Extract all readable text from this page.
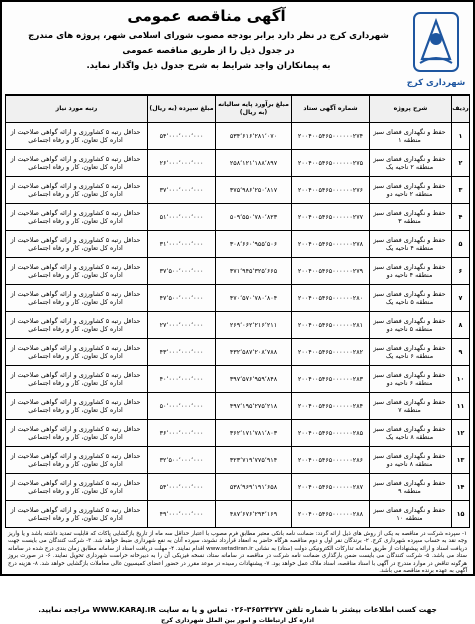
شهرداری کرج
آگهی مناقصه عمومی
شهرداری کرج در نظر دارد برابر بودجه مصوب شورای اسلامی شهر، پروژه های مندرج
در جدول ذیل را از طریق مناقصه عمومی
به پیمانکاران واجد شرایط به شرح جدول ذیل واگذار نماید.
ردیف	شرح پروژه	شماره آگهی ستاد	مبلغ برآورد پایه سالیانه (به ریال)	مبلغ سپرده (به ریال)	رتبه مورد نیاز
۱	حفظ و نگهداری فضای سبز منطقه ۱	۲۰۰۴۰۰۵۴۶۵۰۰۰۰۰۰۲۷۴	۵۳۴٬۶۱۶٬۲۸۱٬۰۷۰	۵۴٬۰۰۰٬۰۰۰٬۰۰۰	حداقل رتبه ۵ کشاورزی و ارائه گواهی صلاحیت از اداره کل تعاون، کار و رفاه اجتماعی
۲	حفظ و نگهداری فضای سبز منطقه ۲ ناحیه یک	۲۰۰۴۰۰۵۴۶۵۰۰۰۰۰۰۲۷۵	۲۵۸٬۱۲۱٬۱۸۸٬۸۹۷	۲۶٬۰۰۰٬۰۰۰٬۰۰۰	حداقل رتبه ۵ کشاورزی و ارائه گواهی صلاحیت از اداره کل تعاون، کار و رفاه اجتماعی
۳	حفظ و نگهداری فضای سبز منطقه ۲ ناحیه دو	۲۰۰۴۰۰۵۴۶۵۰۰۰۰۰۰۲۷۶	۳۷۵٬۹۸۶٬۲۵۰٬۸۱۷	۳۷٬۰۰۰٬۰۰۰٬۰۰۰	حداقل رتبه ۵ کشاورزی و ارائه گواهی صلاحیت از اداره کل تعاون، کار و رفاه اجتماعی
۴	حفظ و نگهداری فضای سبز منطقه ۳	۲۰۰۴۰۰۵۴۶۵۰۰۰۰۰۰۲۷۷	۵۰۹٬۵۵۰٬۷۸۰٬۸۲۳	۵۱٬۰۰۰٬۰۰۰٬۰۰۰	حداقل رتبه ۵ کشاورزی و ارائه گواهی صلاحیت از اداره کل تعاون، کار و رفاه اجتماعی
۵	حفظ و نگهداری فضای سبز منطقه ۴ ناحیه یک	۲۰۰۴۰۰۵۴۶۵۰۰۰۰۰۰۲۷۸	۳۰۸٬۶۶۰٬۹۵۵٬۵۰۶	۳۱٬۰۰۰٬۰۰۰٬۰۰۰	حداقل رتبه ۵ کشاورزی و ارائه گواهی صلاحیت از اداره کل تعاون، کار و رفاه اجتماعی
۶	حفظ و نگهداری فضای سبز منطقه ۴ ناحیه دو	۲۰۰۴۰۰۵۴۶۵۰۰۰۰۰۰۲۷۹	۳۷۱٬۹۴۵٬۳۲۵٬۶۶۵	۳۷٬۵۰۰٬۰۰۰٬۰۰۰	حداقل رتبه ۵ کشاورزی و ارائه گواهی صلاحیت از اداره کل تعاون، کار و رفاه اجتماعی
۷	حفظ و نگهداری فضای سبز منطقه ۵ ناحیه یک	۲۰۰۴۰۰۵۴۶۵۰۰۰۰۰۰۲۸۰	۴۷۰٬۵۷۰٬۷۸۰٬۸۰۴	۴۷٬۵۰۰٬۰۰۰٬۰۰۰	حداقل رتبه ۵ کشاورزی و ارائه گواهی صلاحیت از اداره کل تعاون، کار و رفاه اجتماعی
۸	حفظ و نگهداری فضای سبز منطقه ۵ ناحیه دو	۲۰۰۴۰۰۵۴۶۵۰۰۰۰۰۰۲۸۱	۲۶۹٬۰۶۲٬۲۱۶٬۲۱۱	۲۷٬۰۰۰٬۰۰۰٬۰۰۰	حداقل رتبه ۵ کشاورزی و ارائه گواهی صلاحیت از اداره کل تعاون، کار و رفاه اجتماعی
۹	حفظ و نگهداری فضای سبز منطقه ۶ ناحیه یک	۲۰۰۴۰۰۵۴۶۵۰۰۰۰۰۰۲۸۲	۴۳۲٬۵۸۷٬۲۰۸٬۷۸۸	۴۳٬۰۰۰٬۰۰۰٬۰۰۰	حداقل رتبه ۵ کشاورزی و ارائه گواهی صلاحیت از اداره کل تعاون، کار و رفاه اجتماعی
۱۰	حفظ و نگهداری فضای سبز منطقه ۶ ناحیه دو	۲۰۰۴۰۰۵۴۶۵۰۰۰۰۰۰۲۸۳	۳۹۷٬۵۷۶٬۹۵۹٬۸۴۸	۴۰٬۰۰۰٬۰۰۰٬۰۰۰	حداقل رتبه ۵ کشاورزی و ارائه گواهی صلاحیت از اداره کل تعاون، کار و رفاه اجتماعی
۱۱	حفظ و نگهداری فضای سبز منطقه ۷	۲۰۰۴۰۰۵۴۶۵۰۰۰۰۰۰۲۸۴	۴۹۷٬۱۹۵٬۲۷۵٬۲۱۸	۵۰٬۰۰۰٬۰۰۰٬۰۰۰	حداقل رتبه ۵ کشاورزی و ارائه گواهی صلاحیت از اداره کل تعاون، کار و رفاه اجتماعی
۱۲	حفظ و نگهداری فضای سبز منطقه ۸ ناحیه یک	۲۰۰۴۰۰۵۴۶۵۰۰۰۰۰۰۲۸۵	۳۶۲٬۱۷۱٬۷۸۱٬۸۰۳	۳۶٬۰۰۰٬۰۰۰٬۰۰۰	حداقل رتبه ۵ کشاورزی و ارائه گواهی صلاحیت از اداره کل تعاون، کار و رفاه اجتماعی
۱۳	حفظ و نگهداری فضای سبز منطقه ۸ ناحیه دو	۲۰۰۴۰۰۵۴۶۵۰۰۰۰۰۰۲۸۶	۳۲۳٬۷۱۹٬۷۷۵٬۹۱۴	۳۲٬۵۰۰٬۰۰۰٬۰۰۰	حداقل رتبه ۵ کشاورزی و ارائه گواهی صلاحیت از اداره کل تعاون، کار و رفاه اجتماعی
۱۴	حفظ و نگهداری فضای سبز منطقه ۹	۲۰۰۴۰۰۵۴۶۵۰۰۰۰۰۰۲۸۷	۵۳۸٬۹۶۹٬۱۹۱٬۶۵۸	۵۴٬۰۰۰٬۰۰۰٬۰۰۰	حداقل رتبه ۵ کشاورزی و ارائه گواهی صلاحیت از اداره کل تعاون، کار و رفاه اجتماعی
۱۵	حفظ و نگهداری فضای سبز منطقه ۱۰	۲۰۰۴۰۰۵۴۶۵۰۰۰۰۰۰۲۸۸	۴۸۷٬۶۷۶٬۲۹۴٬۱۶۹	۴۹٬۰۰۰٬۰۰۰٬۰۰۰	حداقل رتبه ۵ کشاورزی و ارائه گواهی صلاحیت از اداره کل تعاون، کار و رفاه اجتماعی
۱- سپرده شرکت در مناقصه به یکی از روش های ذیل ارائه گردد: ضمانت نامه بانکی معتبر مطابق فرم مصوب با اعتبار حداقل سه ماه از تاریخ بازگشایی پاکات که قابلیت تمدید داشته باشد و یا واریز وجه نقد به حساب سپرده شهرداری کرج. ۲- برندگان نفر اول و دوم مناقصه هرگاه حاضر به انعقاد قرارداد نشوند، سپرده آنان به نفع شهرداری ضبط خواهد شد. ۳- شرکت کنندگان می بایست جهت دریافت اسناد و ارائه پیشنهادات از طریق سامانه تدارکات الکترونیکی دولت (ستاد) به نشانی www.setadiran.ir اقدام نمایند. ۴- مهلت دریافت اسناد از سامانه مطابق زمان بندی درج شده در سامانه ستاد می باشد. ۵- شرکت کنندگان می بایست ضمن بارگذاری ضمانت نامه شرکت در مناقصه در سامانه ستاد، نسخه فیزیکی آن را به دبیرخانه حراست شهرداری تحویل نمایند. ۶- در صورت بروز هرگونه تناقض در موارد مندرج در آگهی با اسناد مناقصه، اسناد ملاک عمل خواهد بود. ۷- پیشنهادات رسیده در موعد مقرر در حضور اعضای کمیسیون عالی معاملات بازگشایی خواهد شد. ۸- هزینه درج آگهی به عهده برنده مناقصه می باشد.
جهت کسب اطلاعات بیشتر با شماره تلفن ۳۶۵۲۴۲۷۷-۰۲۶ تماس و یا به سایت WWW.KARAJ.IR مراجعه نمایید.
اداره کل ارتباطات و امور بین الملل شهرداری کرج
